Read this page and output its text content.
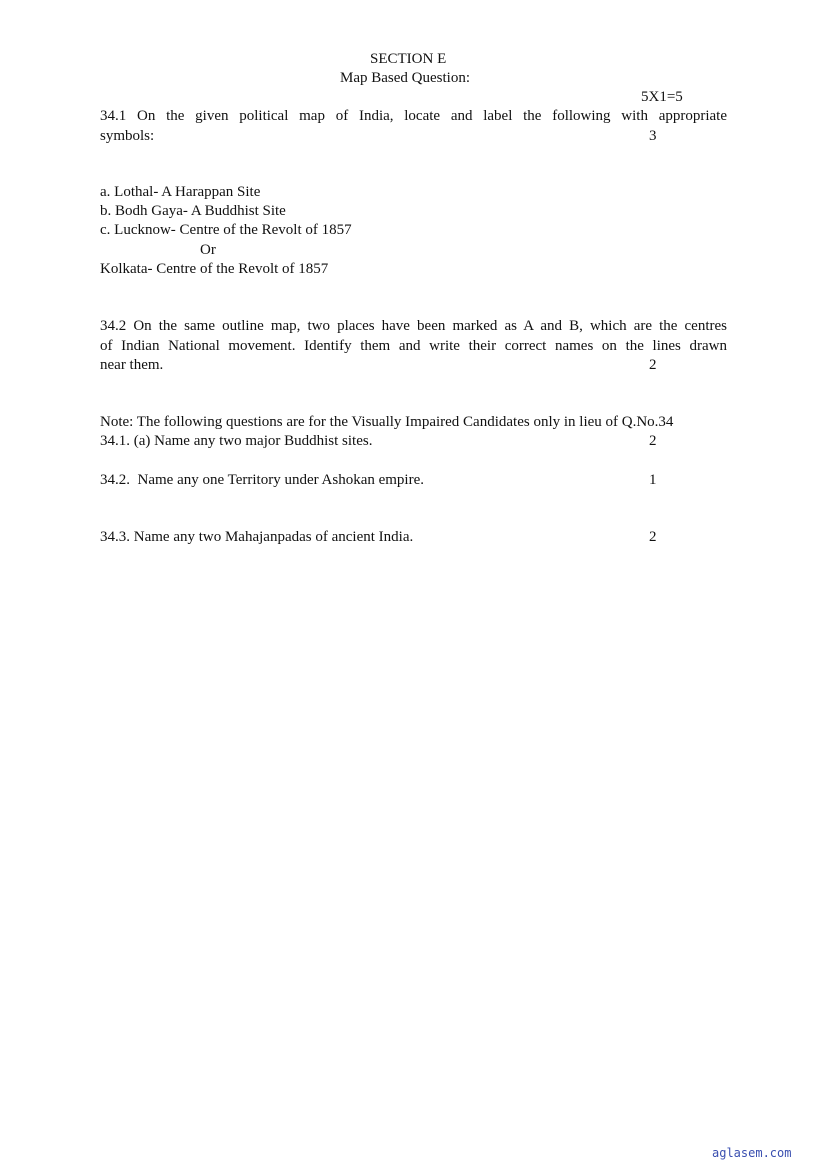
SECTION E
Map Based Question:
5X1=5
34.1 On the given political map of India, locate and label the following with appropriate
symbols:	3
a. Lothal- A Harappan Site
b. Bodh Gaya- A Buddhist Site
c. Lucknow- Centre of the Revolt of 1857
Or
Kolkata- Centre of the Revolt of 1857
34.2 On the same outline map, two places have been marked as A and B, which are the centres
of Indian National movement. Identify them and write their correct names on the lines drawn
near them.	2
Note: The following questions are for the Visually Impaired Candidates only in lieu of Q.No.34
34.1. (a) Name any two major Buddhist sites.	2
34.2.  Name any one Territory under Ashokan empire.	1
34.3. Name any two Mahajanpadas of ancient India.	2
aglasem.com
